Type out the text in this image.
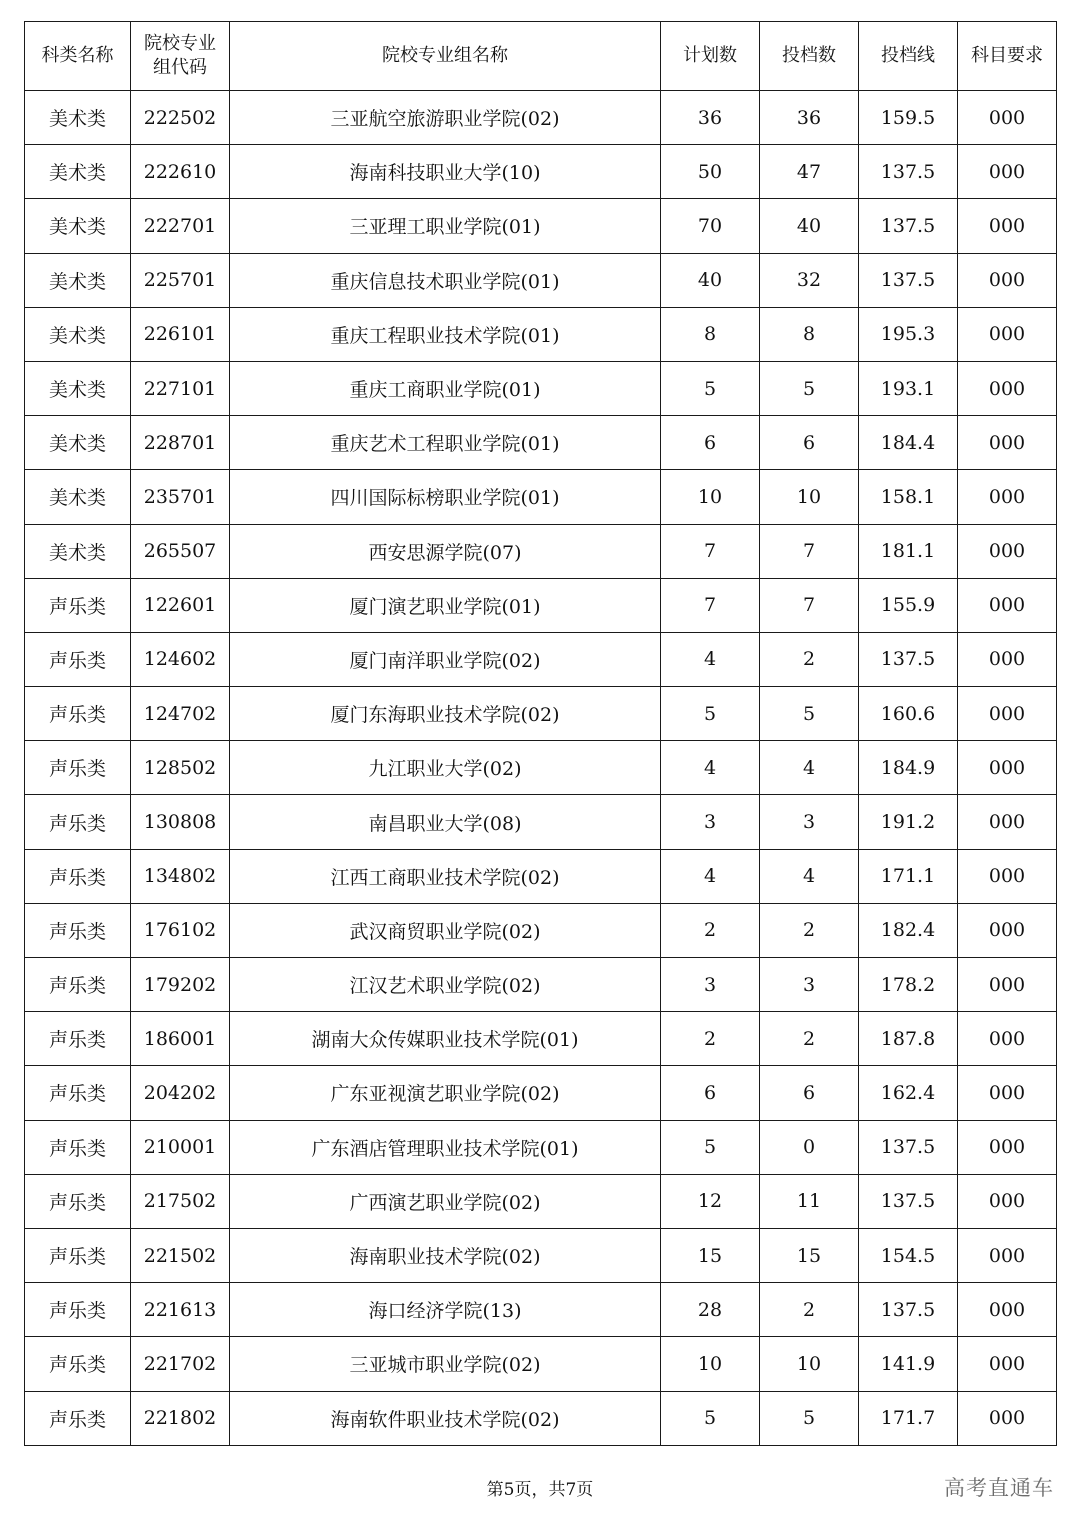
科类名称	院校专业组代码	院校专业组名称	计划数	投档数	投档线	科目要求
美术类	222502	三亚航空旅游职业学院(02)	36	36	159.5	000
美术类	222610	海南科技职业大学(10)	50	47	137.5	000
美术类	222701	三亚理工职业学院(01)	70	40	137.5	000
美术类	225701	重庆信息技术职业学院(01)	40	32	137.5	000
美术类	226101	重庆工程职业技术学院(01)	8	8	195.3	000
美术类	227101	重庆工商职业学院(01)	5	5	193.1	000
美术类	228701	重庆艺术工程职业学院(01)	6	6	184.4	000
美术类	235701	四川国际标榜职业学院(01)	10	10	158.1	000
美术类	265507	西安思源学院(07)	7	7	181.1	000
声乐类	122601	厦门演艺职业学院(01)	7	7	155.9	000
声乐类	124602	厦门南洋职业学院(02)	4	2	137.5	000
声乐类	124702	厦门东海职业技术学院(02)	5	5	160.6	000
声乐类	128502	九江职业大学(02)	4	4	184.9	000
声乐类	130808	南昌职业大学(08)	3	3	191.2	000
声乐类	134802	江西工商职业技术学院(02)	4	4	171.1	000
声乐类	176102	武汉商贸职业学院(02)	2	2	182.4	000
声乐类	179202	江汉艺术职业学院(02)	3	3	178.2	000
声乐类	186001	湖南大众传媒职业技术学院(01)	2	2	187.8	000
声乐类	204202	广东亚视演艺职业学院(02)	6	6	162.4	000
声乐类	210001	广东酒店管理职业技术学院(01)	5	0	137.5	000
声乐类	217502	广西演艺职业学院(02)	12	11	137.5	000
声乐类	221502	海南职业技术学院(02)	15	15	154.5	000
声乐类	221613	海口经济学院(13)	28	2	137.5	000
声乐类	221702	三亚城市职业学院(02)	10	10	141.9	000
声乐类	221802	海南软件职业技术学院(02)	5	5	171.7	000
第5页，共7页	高考直通车
